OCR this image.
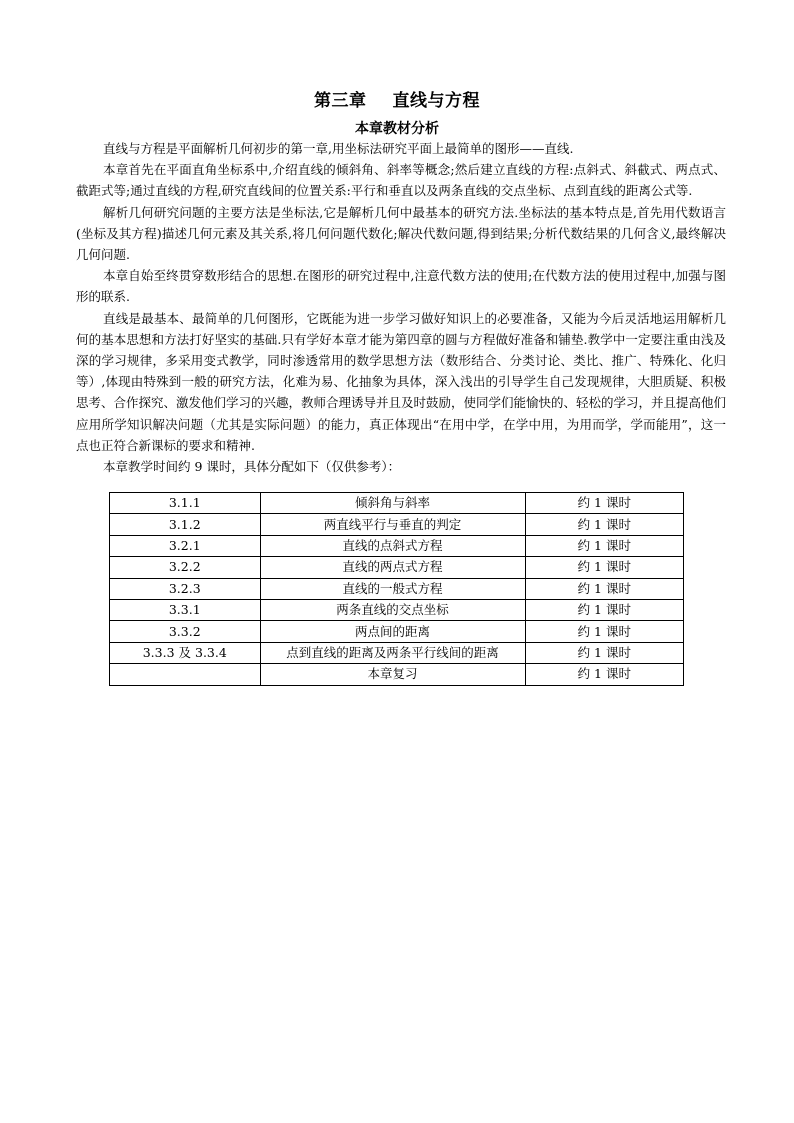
第三章 直线与方程
本章教材分析

直线与方程是平面解析几何初步的第一章,用坐标法研究平面上最简单的图形——直线.

本章首先在平面直角坐标系中,介绍直线的倾斜角、斜率等概念;然后建立直线的方程:点斜式、斜截式、两点式、截距式等;通过直线的方程,研究直线间的位置关系:平行和垂直以及两条直线的交点坐标、点到直线的距离公式等.

解析几何研究问题的主要方法是坐标法,它是解析几何中最基本的研究方法.坐标法的基本特点是,首先用代数语言(坐标及其方程)描述几何元素及其关系,将几何问题代数化;解决代数问题,得到结果;分析代数结果的几何含义,最终解决几何问题.

本章自始至终贯穿数形结合的思想.在图形的研究过程中,注意代数方法的使用;在代数方法的使用过程中,加强与图形的联系.

直线是最基本、最简单的几何图形，它既能为进一步学习做好知识上的必要准备，又能为今后灵活地运用解析几何的基本思想和方法打好坚实的基础.只有学好本章才能为第四章的圆与方程做好准备和铺垫.教学中一定要注重由浅及深的学习规律，多采用变式教学，同时渗透常用的数学思想方法（数形结合、分类讨论、类比、推广、特殊化、化归等）,体现由特殊到一般的研究方法，化难为易、化抽象为具体，深入浅出的引导学生自己发现规律，大胆质疑、积极思考、合作探究、激发他们学习的兴趣，教师合理诱导并且及时鼓励，使同学们能愉快的、轻松的学习，并且提高他们应用所学知识解决问题（尤其是实际问题）的能力，真正体现出“在用中学，在学中用，为用而学，学而能用”，这一点也正符合新课标的要求和精神.

本章教学时间约 9 课时，具体分配如下（仅供参考）：

3.1.1	倾斜角与斜率	约 1 课时
3.1.2	两直线平行与垂直的判定	约 1 课时
3.2.1	直线的点斜式方程	约 1 课时
3.2.2	直线的两点式方程	约 1 课时
3.2.3	直线的一般式方程	约 1 课时
3.3.1	两条直线的交点坐标	约 1 课时
3.3.2	两点间的距离	约 1 课时
3.3.3 及 3.3.4	点到直线的距离及两条平行线间的距离	约 1 课时
	本章复习	约 1 课时
